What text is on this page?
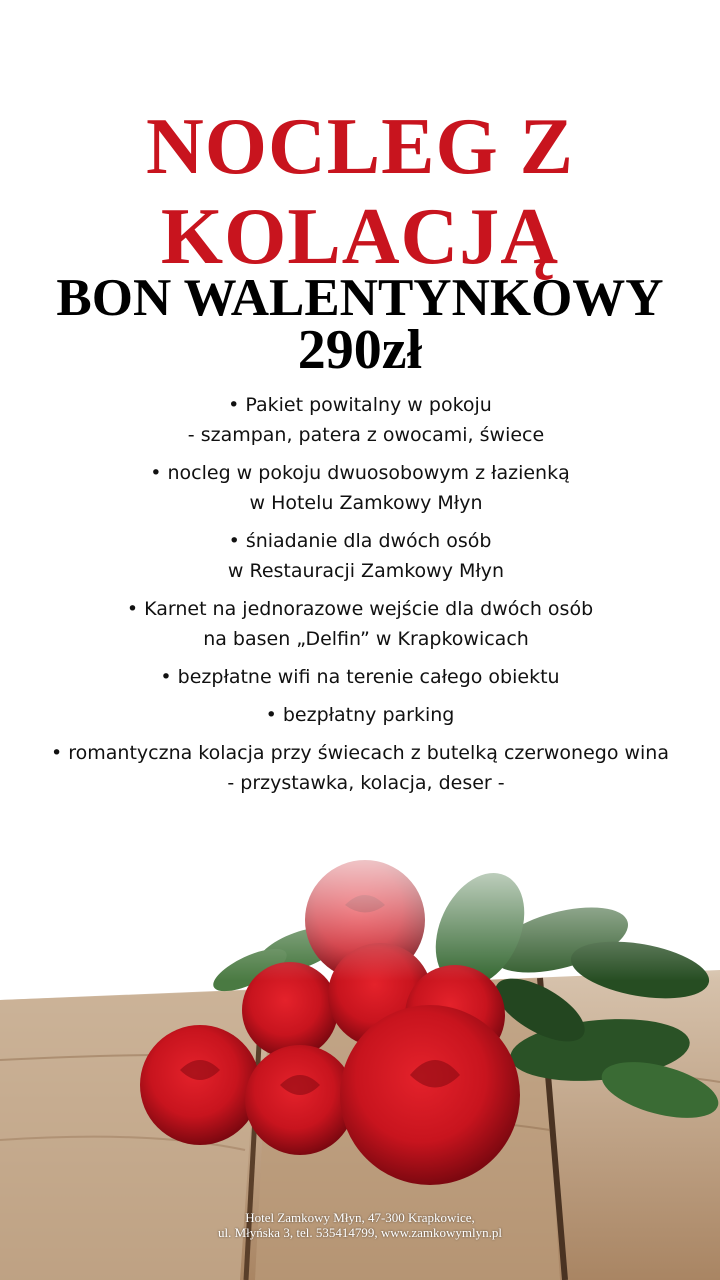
NOCLEG Z
KOLACJĄ
BON WALENTYNKOWY
290zł
• Pakiet powitalny w pokoju
- szampan, patera z owocami, świece
• nocleg w pokoju dwuosobowym z łazienką
w Hotelu Zamkowy Młyn
• śniadanie dla dwóch osób
w Restauracji Zamkowy Młyn
• Karnet na jednorazowe wejście dla dwóch osób
na basen „Delfin” w Krapkowicach
• bezpłatne wifi na terenie całego obiektu
• bezpłatny parking
• romantyczna kolacja przy świecach z butelką czerwonego wina
- przystawka, kolacja, deser -
Hotel Zamkowy Młyn, 47-300 Krapkowice,
ul. Młyńska 3, tel. 535414799, www.zamkowymlyn.pl
